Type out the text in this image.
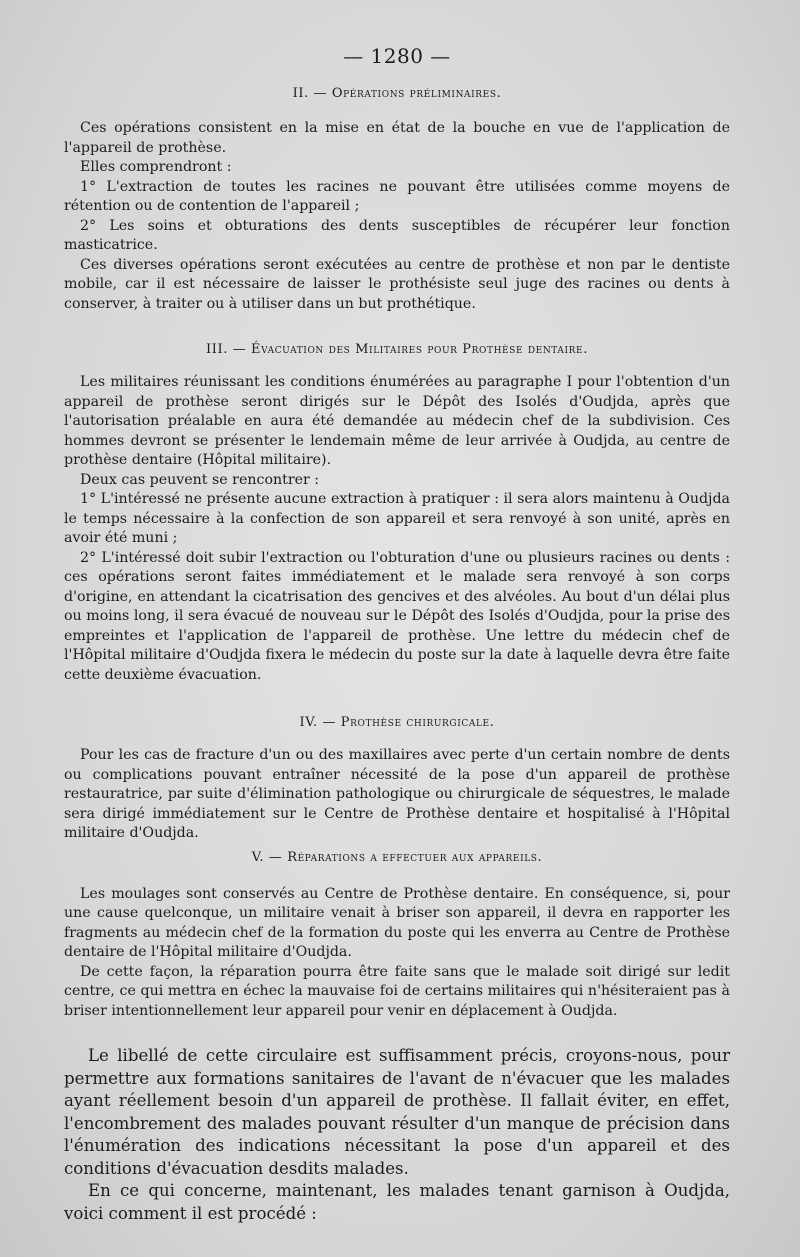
— 1280 —
II. — Opérations préliminaires.

Ces opérations consistent en la mise en état de la bouche en vue de l'application de l'appareil de prothèse.

Elles comprendront :

1° L'extraction de toutes les racines ne pouvant être utilisées comme moyens de rétention ou de contention de l'appareil ;

2° Les soins et obturations des dents susceptibles de récupérer leur fonction masticatrice.

Ces diverses opérations seront exécutées au centre de prothèse et non par le dentiste mobile, car il est nécessaire de laisser le prothésiste seul juge des racines ou dents à conserver, à traiter ou à utiliser dans un but prothétique.

III. — Évacuation des Militaires pour Prothèse dentaire.

Les militaires réunissant les conditions énumérées au paragraphe I pour l'obtention d'un appareil de prothèse seront dirigés sur le Dépôt des Isolés d'Oudjda, après que l'autorisation préalable en aura été demandée au médecin chef de la subdivision. Ces hommes devront se présenter le lendemain même de leur arrivée à Oudjda, au centre de prothèse dentaire (Hôpital militaire).

Deux cas peuvent se rencontrer :

1° L'intéressé ne présente aucune extraction à pratiquer : il sera alors maintenu à Oudjda le temps nécessaire à la confection de son appareil et sera renvoyé à son unité, après en avoir été muni ;

2° L'intéressé doit subir l'extraction ou l'obturation d'une ou plusieurs racines ou dents : ces opérations seront faites immédiatement et le malade sera renvoyé à son corps d'origine, en attendant la cicatrisation des gencives et des alvéoles. Au bout d'un délai plus ou moins long, il sera évacué de nouveau sur le Dépôt des Isolés d'Oudjda, pour la prise des empreintes et l'application de l'appareil de prothèse. Une lettre du médecin chef de l'Hôpital militaire d'Oudjda fixera le médecin du poste sur la date à laquelle devra être faite cette deuxième évacuation.

IV. — Prothèse chirurgicale.

Pour les cas de fracture d'un ou des maxillaires avec perte d'un certain nombre de dents ou complications pouvant entraîner nécessité de la pose d'un appareil de prothèse restauratrice, par suite d'élimination pathologique ou chirurgicale de séquestres, le malade sera dirigé immédiatement sur le Centre de Prothèse dentaire et hospitalisé à l'Hôpital militaire d'Oudjda.

V. — Réparations a effectuer aux appareils.

Les moulages sont conservés au Centre de Prothèse dentaire. En conséquence, si, pour une cause quelconque, un militaire venait à briser son appareil, il devra en rapporter les fragments au médecin chef de la formation du poste qui les enverra au Centre de Prothèse dentaire de l'Hôpital militaire d'Oudjda.

De cette façon, la réparation pourra être faite sans que le malade soit dirigé sur ledit centre, ce qui mettra en échec la mauvaise foi de certains militaires qui n'hésiteraient pas à briser intentionnellement leur appareil pour venir en déplacement à Oudjda.

Le libellé de cette circulaire est suffisamment précis, croyons-nous, pour permettre aux formations sanitaires de l'avant de n'évacuer que les malades ayant réellement besoin d'un appareil de prothèse. Il fallait éviter, en effet, l'encombrement des malades pouvant résulter d'un manque de précision dans l'énumération des indications nécessitant la pose d'un appareil et des conditions d'évacuation desdits malades.

En ce qui concerne, maintenant, les malades tenant garnison à Oudjda, voici comment il est procédé :
